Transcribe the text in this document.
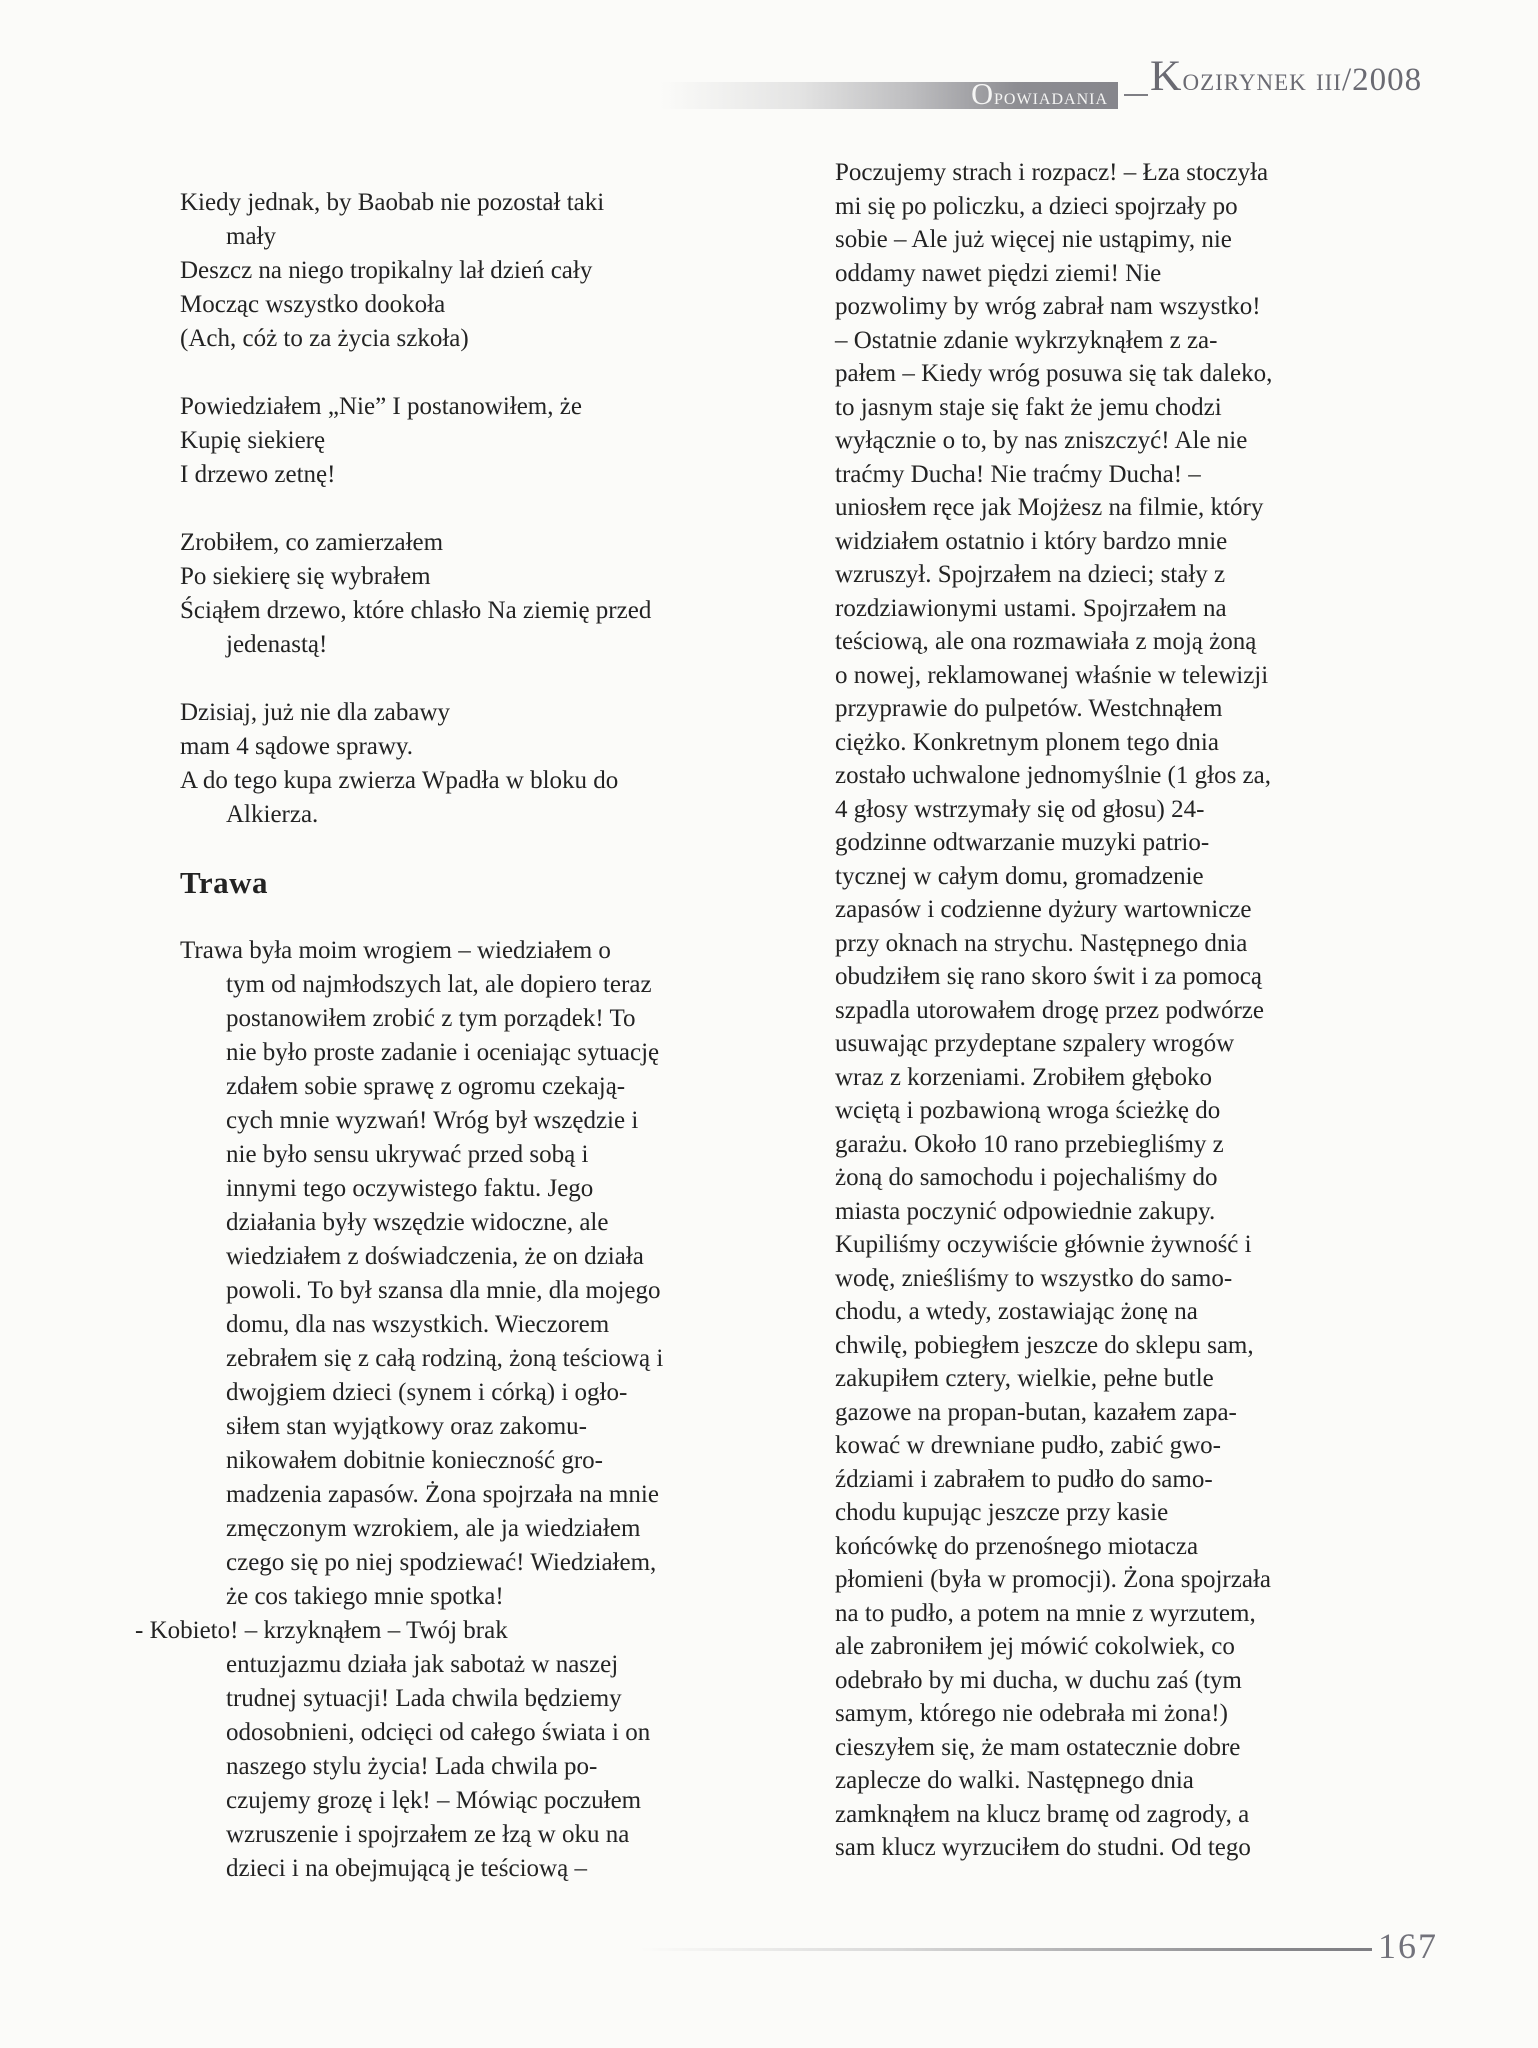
Opowiadania kozirynek iii/2008
Kiedy jednak, by Baobab nie pozostał taki
mały
Deszcz na niego tropikalny lał dzień cały
Mocząc wszystko dookoła
(Ach, cóż to za życia szkoła)

Powiedziałem „Nie” I postanowiłem, że
Kupię siekierę
I drzewo zetnę!

Zrobiłem, co zamierzałem
Po siekierę się wybrałem
Ściąłem drzewo, które chlasło Na ziemię przed
jedenastą!

Dzisiaj, już nie dla zabawy
mam 4 sądowe sprawy.
A do tego kupa zwierza Wpadła w bloku do
Alkierza.

Trawa

Trawa była moim wrogiem – wiedziałem o
tym od najmłodszych lat, ale dopiero teraz
postanowiłem zrobić z tym porządek! To
nie było proste zadanie i oceniając sytuację
zdałem sobie sprawę z ogromu czekają-
cych mnie wyzwań! Wróg był wszędzie i
nie było sensu ukrywać przed sobą i
innymi tego oczywistego faktu. Jego
działania były wszędzie widoczne, ale
wiedziałem z doświadczenia, że on działa
powoli. To był szansa dla mnie, dla mojego
domu, dla nas wszystkich. Wieczorem
zebrałem się z całą rodziną, żoną teściową i
dwojgiem dzieci (synem i córką) i ogło-
siłem stan wyjątkowy oraz zakomu-
nikowałem dobitnie konieczność gro-
madzenia zapasów. Żona spojrzała na mnie
zmęczonym wzrokiem, ale ja wiedziałem
czego się po niej spodziewać! Wiedziałem,
że cos takiego mnie spotka!
- Kobieto! – krzyknąłem – Twój brak
entuzjazmu działa jak sabotaż w naszej
trudnej sytuacji! Lada chwila będziemy
odosobnieni, odcięci od całego świata i on
naszego stylu życia! Lada chwila po-
czujemy grozę i lęk! – Mówiąc poczułem
wzruszenie i spojrzałem ze łzą w oku na
dzieci i na obejmującą je teściową –
Poczujemy strach i rozpacz! – Łza stoczyła
mi się po policzku, a dzieci spojrzały po
sobie – Ale już więcej nie ustąpimy, nie
oddamy nawet piędzi ziemi! Nie
pozwolimy by wróg zabrał nam wszystko!
– Ostatnie zdanie wykrzyknąłem z za-
pałem – Kiedy wróg posuwa się tak daleko,
to jasnym staje się fakt że jemu chodzi
wyłącznie o to, by nas zniszczyć! Ale nie
traćmy Ducha! Nie traćmy Ducha! –
uniosłem ręce jak Mojżesz na filmie, który
widziałem ostatnio i który bardzo mnie
wzruszył. Spojrzałem na dzieci; stały z
rozdziawionymi ustami. Spojrzałem na
teściową, ale ona rozmawiała z moją żoną
o nowej, reklamowanej właśnie w telewizji
przyprawie do pulpetów. Westchnąłem
ciężko. Konkretnym plonem tego dnia
zostało uchwalone jednomyślnie (1 głos za,
4 głosy wstrzymały się od głosu) 24-
godzinne odtwarzanie muzyki patrio-
tycznej w całym domu, gromadzenie
zapasów i codzienne dyżury wartownicze
przy oknach na strychu. Następnego dnia
obudziłem się rano skoro świt i za pomocą
szpadla utorowałem drogę przez podwórze
usuwając przydeptane szpalery wrogów
wraz z korzeniami. Zrobiłem głęboko
wciętą i pozbawioną wroga ścieżkę do
garażu. Około 10 rano przebiegliśmy z
żoną do samochodu i pojechaliśmy do
miasta poczynić odpowiednie zakupy.
Kupiliśmy oczywiście głównie żywność i
wodę, znieśliśmy to wszystko do samo-
chodu, a wtedy, zostawiając żonę na
chwilę, pobiegłem jeszcze do sklepu sam,
zakupiłem cztery, wielkie, pełne butle
gazowe na propan-butan, kazałem zapa-
kować w drewniane pudło, zabić gwo-
ździami i zabrałem to pudło do samo-
chodu kupując jeszcze przy kasie
końcówkę do przenośnego miotacza
płomieni (była w promocji). Żona spojrzała
na to pudło, a potem na mnie z wyrzutem,
ale zabroniłem jej mówić cokolwiek, co
odebrało by mi ducha, w duchu zaś (tym
samym, którego nie odebrała mi żona!)
cieszyłem się, że mam ostatecznie dobre
zaplecze do walki. Następnego dnia
zamknąłem na klucz bramę od zagrody, a
sam klucz wyrzuciłem do studni. Od tego
167
